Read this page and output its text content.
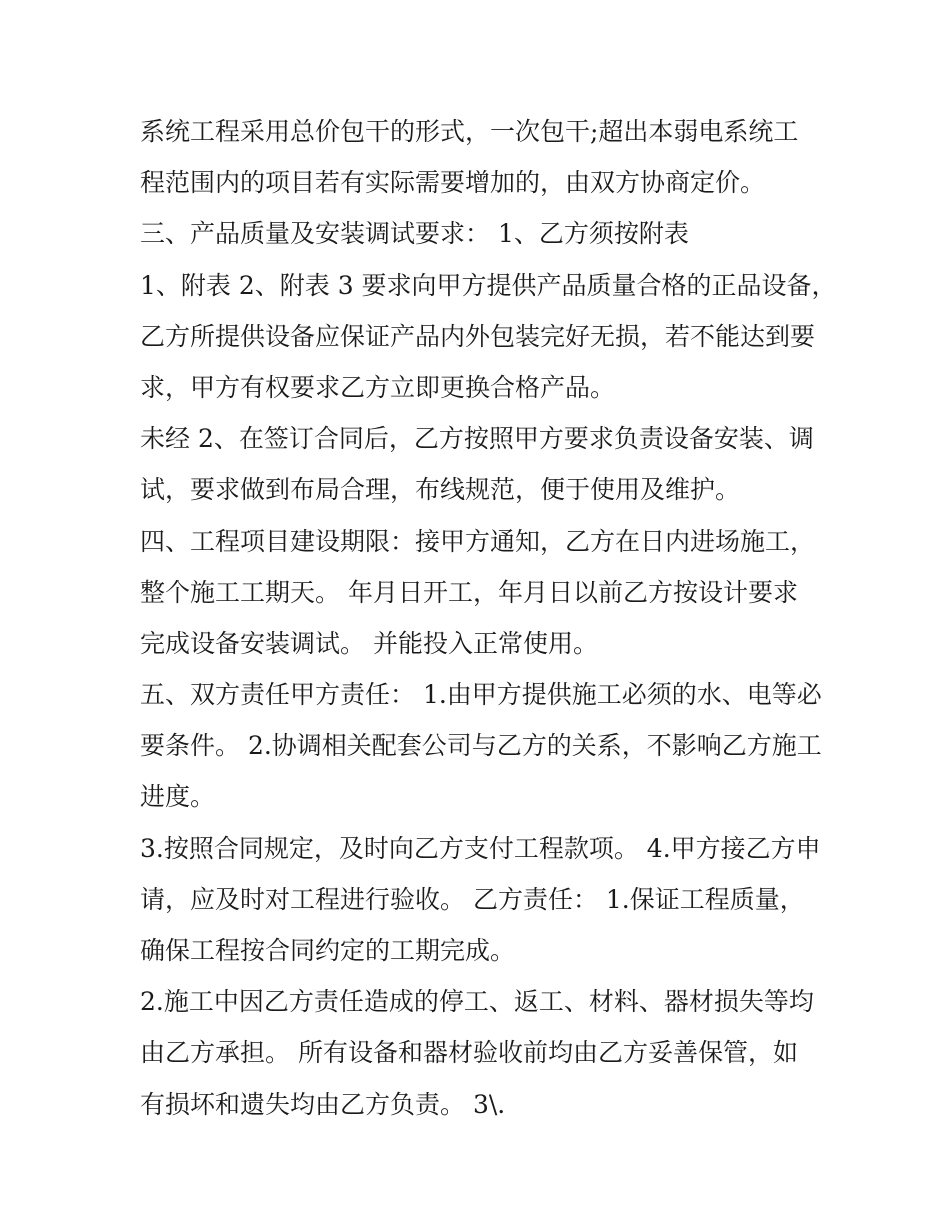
系统工程采用总价包干的形式，一次包干;超出本弱电系统工
程范围内的项目若有实际需要增加的，由双方协商定价。
三、产品质量及安装调试要求： 1、乙方须按附表
1、附表 2、附表 3 要求向甲方提供产品质量合格的正品设备，
乙方所提供设备应保证产品内外包装完好无损，若不能达到要
求，甲方有权要求乙方立即更换合格产品。
未经 2、在签订合同后，乙方按照甲方要求负责设备安装、调
试，要求做到布局合理，布线规范，便于使用及维护。
四、工程项目建设期限：接甲方通知，乙方在日内进场施工，
整个施工工期天。 年月日开工，年月日以前乙方按设计要求
完成设备安装调试。 并能投入正常使用。
五、双方责任甲方责任： 1.由甲方提供施工必须的水、电等必
要条件。 2.协调相关配套公司与乙方的关系，不影响乙方施工
进度。
3.按照合同规定，及时向乙方支付工程款项。 4.甲方接乙方申
请，应及时对工程进行验收。 乙方责任： 1.保证工程质量，
确保工程按合同约定的工期完成。
2.施工中因乙方责任造成的停工、返工、材料、器材损失等均
由乙方承担。 所有设备和器材验收前均由乙方妥善保管，如
有损坏和遗失均由乙方负责。 3\.
